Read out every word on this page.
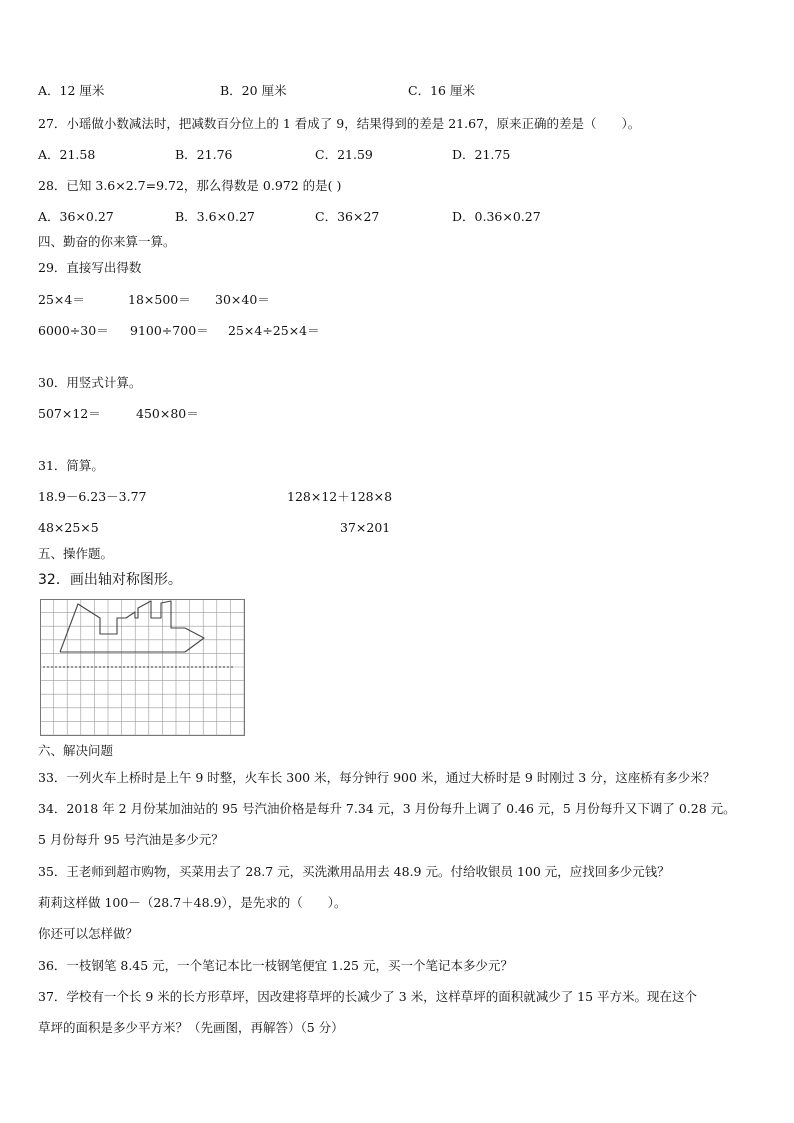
A．12 厘米	B．20 厘米	C．16 厘米
27．小瑶做小数减法时，把减数百分位上的 1 看成了 9，结果得到的差是 21.67，原来正确的差是（　　）。
A．21.58	B．21.76	C．21.59	D．21.75
28．已知 3.6×2.7=9.72，那么得数是 0.972 的是( )
A．36×0.27	B．3.6×0.27	C．36×27	D．0.36×0.27
四、勤奋的你来算一算。
29．直接写出得数
25×4＝	18×500＝ 30×40＝
6000÷30＝ 9100÷700＝ 25×4÷25×4＝
30．用竖式计算。
507×12＝	450×80＝
31．简算。
18.9－6.23－3.77	128×12＋128×8
48×25×5	37×201
五、操作题。
32．画出轴对称图形。
六、解决问题
33．一列火车上桥时是上午 9 时整，火车长 300 米，每分钟行 900 米，通过大桥时是 9 时刚过 3 分，这座桥有多少米？
34．2018 年 2 月份某加油站的 95 号汽油价格是每升 7.34 元，3 月份每升上调了 0.46 元，5 月份每升又下调了 0.28 元。
5 月份每升 95 号汽油是多少元？
35．王老师到超市购物，买菜用去了 28.7 元，买洗漱用品用去 48.9 元。付给收银员 100 元，应找回多少元钱？
莉莉这样做 100－（28.7＋48.9），是先求的（　　）。
你还可以怎样做？
36．一枝钢笔 8.45 元，一个笔记本比一枝钢笔便宜 1.25 元，买一个笔记本多少元？
37．学校有一个长 9 米的长方形草坪，因改建将草坪的长减少了 3 米，这样草坪的面积就减少了 15 平方米。现在这个
草坪的面积是多少平方米？（先画图，再解答）（5 分）
